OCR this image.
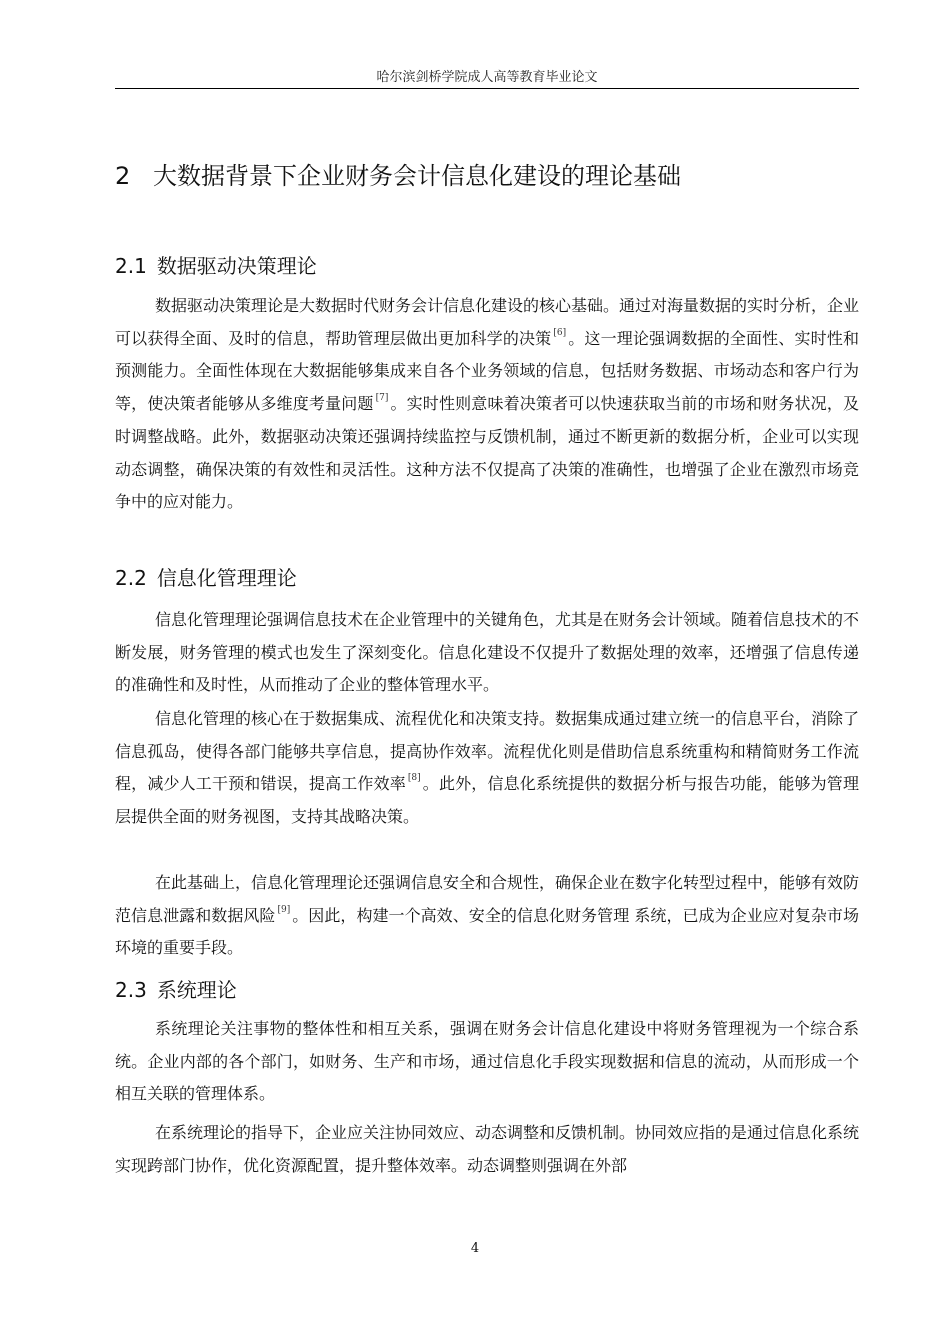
哈尔滨剑桥学院成人高等教育毕业论文
2 大数据背景下企业财务会计信息化建设的理论基础
2.1 数据驱动决策理论

数据驱动决策理论是大数据时代财务会计信息化建设的核心基础。通过对海量数据的实时分析，企业可以获得全面、及时的信息，帮助管理层做出更加科学的决策 [6] 。这一理论强调数据的全面性、实时性和预测能力。全面性体现在大数据能够集成来自各个业务领域的信息，包括财务数据、市场动态和客户行为等，使决策者能够从多维度考量问题 [7] 。实时性则意味着决策者可以快速获取当前的市场和财务状况，及时调整战略。此外，数据驱动决策还强调持续监控与反馈机制，通过不断更新的数据分析，企业可以实现动态调整，确保决策的有效性和灵活性。这种方法不仅提高了决策的准确性，也增强了企业在激烈市场竞争中的应对能力。

2.2 信息化管理理论

信息化管理理论强调信息技术在企业管理中的关键角色，尤其是在财务会计领域。随着信息技术的不断发展，财务管理的模式也发生了深刻变化。信息化建设不仅提升了数据处理的效率，还增强了信息传递的准确性和及时性，从而推动了企业的整体管理水平。

信息化管理的核心在于数据集成、流程优化和决策支持。数据集成通过建立统一的信息平台，消除了信息孤岛，使得各部门能够共享信息，提高协作效率。流程优化则是借助信息系统重构和精简财务工作流程，减少人工干预和错误，提高工作效率 [8] 。此外，信息化系统提供的数据分析与报告功能，能够为管理层提供全面的财务视图，支持其战略决策。

在此基础上，信息化管理理论还强调信息安全和合规性，确保企业在数字化转型过程中，能够有效防范信息泄露和数据风险 [9] 。因此，构建一个高效、安全的信息化财务管理 系统，已成为企业应对复杂市场环境的重要手段。

2.3 系统理论

系统理论关注事物的整体性和相互关系，强调在财务会计信息化建设中将财务管理视为一个综合系统。企业内部的各个部门，如财务、生产和市场，通过信息化手段实现数据和信息的流动，从而形成一个相互关联的管理体系。

在系统理论的指导下，企业应关注协同效应、动态调整和反馈机制。协同效应指的是通过信息化系统实现跨部门协作，优化资源配置，提升整体效率。动态调整则强调在外部

4
